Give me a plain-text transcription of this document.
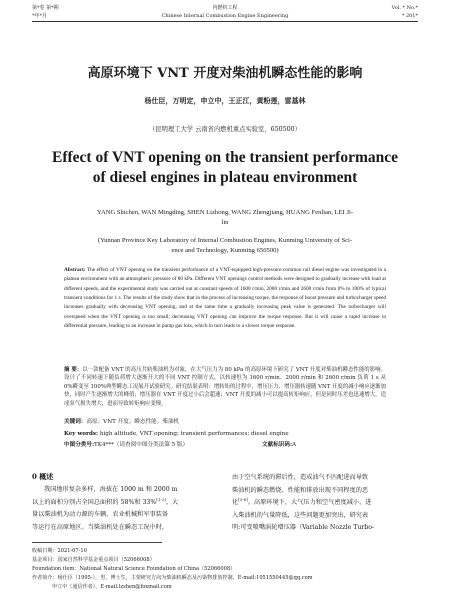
第*卷 第*期
*年*月
内燃机工程
Chinese Internal Combustion Engine Engineering
Vol. * No.*
* 201*
高原环境下 VNT 开度对柴油机瞬态性能的影响
杨仕臣，万明定，申立中，王正江，黄粉莲，雷基林
（昆明理工大学 云南省内燃机重点实验室，650500）
Effect of VNT opening on the transient performance
of diesel engines in plateau environment
YANG Shichen, WAN Mingding, SHEN Lizhong, WANG Zhengjiang, HUANG Fenlian, LEI Ji-
lin
(Yunnan Province Key Laboratory of Internal Combustion Engines, Kunming University of Sci-
ence and Technology, Kunming 650500)
Abstract: The effect of VNT opening on the transient performance of a VNT-equipped high-pressure common rail diesel engine was investigated in a plateau environment with an atmospheric pressure of 80 kPa. Different VNT openings control methods were designed to gradually increase with load at different speeds, and the experimental study was carried out at constant speeds of 1600 r/min, 2000 r/min and 2600 r/min from 0% to 100% of typical transient conditions for 1 s. The results of the study show that in the process of increasing torque, the response of boost pressure and turbocharger speed increases gradually with decreasing VNT opening, and at the same time a gradually increasing peak value is generated. The turbocharger will overspeed when the VNT opening is too small; decreasing VNT opening can improve the torque response. But it will cause a rapid increase in differential pressure, leading to an increase in pump gas loss, which in turn leads to a slower torque response.
摘 要：以一款配备 VNT 的高压共轨柴油机为对象，在大气压力为 80 kPa 的高原环境下研究了 VNT 开度对柴油机瞬态性能的影响。设计了不同转速下随负荷增大逐渐开大的不同 VNT 控制方式，以转速恒为 1600 r/min、2000 r/min 和 2600 r/min 负荷 1 s 从 0%瞬变至 100%典型瞬态工况展开试验研究。研究结果表明：增转矩的过程中，增压压力、增压器转速随 VNT 开度的减小响应逐渐加快，同时产生逐渐增大的峰值；增压器在 VNT 开度过小后会超速；VNT 开度的减小可以提高转矩响应，但是同时压差也迅速增大，造成泵气损失增大，进而导致转矩响应变慢。
关键词：高原；VNT 开度；瞬态性能；柴油机
Key words: high altitude, VNT opening; transient performances; diesel engine
中图分类号:TK4***（请查阅中图分类法第 5 版）	文献标识码:A
0 概述
我国地形复杂多样，海拔在 1000 m 和 2000 m
以上的面积分别占全国总面积的 58%和 33%[1-2]。大
量以柴油机为动力源的车辆、农业机械和军事装备
等运行在高原地区。当柴油机处在瞬态工况中时，
由于空气系统的滞后性，造成油气不匹配进而导致
柴油机的瞬态燃烧、性能和排放出现不同程度的恶
化[3-6]。高原环境下，大气压力和空气密度减小，进
入柴油机的气量降低，这些问题更加突出，研究表
明:可变喷嘴涡轮增压器（Variable Nozzle Turbo-
收稿日期：2021-07-10
基金项目：国家自然科学基金重点项目（52066008）
Foundation item：National Natural Science Foundation of China（52066008）
作者简介：杨仕臣（1995-），男，博士生，主要研究方向为柴油机瞬态及污染物排放控制，E-mail:1051550445@qq.com
申立中（通信作者），E-mail:lzshen@foxmail.com
